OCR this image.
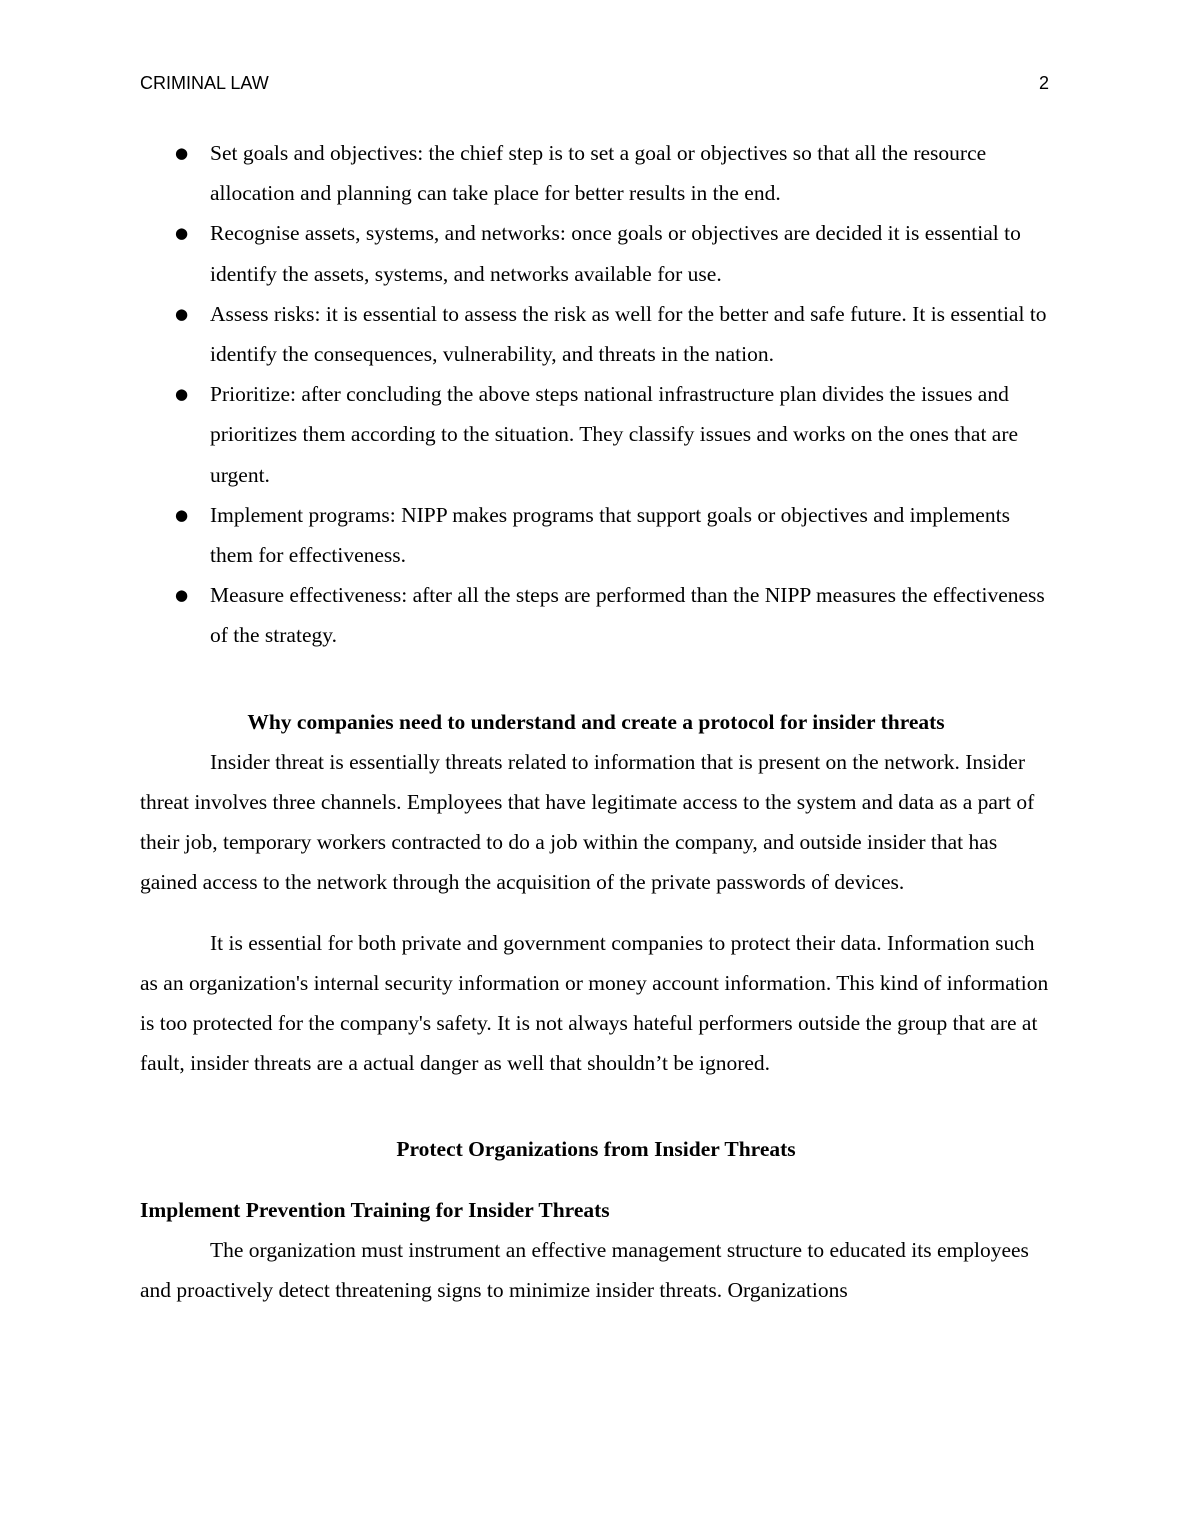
CRIMINAL LAW	2
● Set goals and objectives: the chief step is to set a goal or objectives so that all the resource allocation and planning can take place for better results in the end.
● Recognise assets, systems, and networks: once goals or objectives are decided it is essential to identify the assets, systems, and networks available for use.
● Assess risks: it is essential to assess the risk as well for the better and safe future. It is essential to identify the consequences, vulnerability, and threats in the nation.
● Prioritize: after concluding the above steps national infrastructure plan divides the issues and prioritizes them according to the situation. They classify issues and works on the ones that are urgent.
● Implement programs: NIPP makes programs that support goals or objectives and implements them for effectiveness.
● Measure effectiveness: after all the steps are performed than the NIPP measures the effectiveness of the strategy.
Why companies need to understand and create a protocol for insider threats

Insider threat is essentially threats related to information that is present on the network. Insider threat involves three channels. Employees that have legitimate access to the system and data as a part of their job, temporary workers contracted to do a job within the company, and outside insider that has gained access to the network through the acquisition of the private passwords of devices.

It is essential for both private and government companies to protect their data. Information such as an organization's internal security information or money account information. This kind of information is too protected for the company's safety. It is not always hateful performers outside the group that are at fault, insider threats are a actual danger as well that shouldn’t be ignored.

Protect Organizations from Insider Threats
Implement Prevention Training for Insider Threats

The organization must instrument an effective management structure to educated its employees and proactively detect threatening signs to minimize insider threats. Organizations
